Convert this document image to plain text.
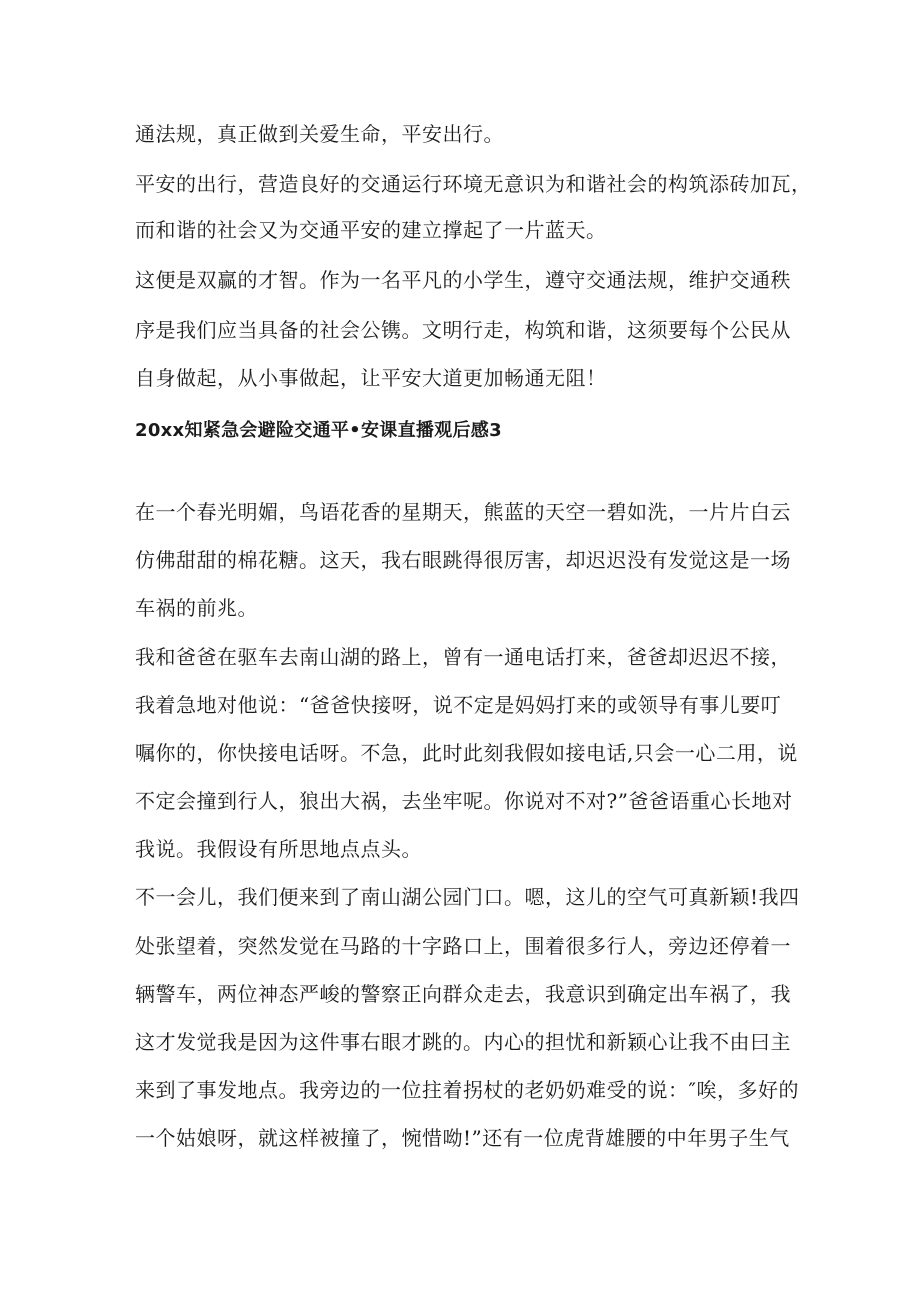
通法规，真正做到关爱生命，平安出行。
平安的出行，营造良好的交通运行环境无意识为和谐社会的构筑添砖加瓦，
而和谐的社会又为交通平安的建立撑起了一片蓝天。
这便是双赢的才智。作为一名平凡的小学生，遵守交通法规，维护交通秩
序是我们应当具备的社会公镌。文明行走，构筑和谐，这须要每个公民从
自身做起，从小事做起，让平安大道更加畅通无阻！
20xx知紧急会避险交通平•安课直播观后感3
在一个春光明媚，鸟语花香的星期天，熊蓝的天空一碧如洗，一片片白云
仿佛甜甜的棉花糖。这天，我右眼跳得很厉害，却迟迟没有发觉这是一场
车祸的前兆。
我和爸爸在驱车去南山湖的路上，曾有一通电话打来，爸爸却迟迟不接，
我着急地对他说：“爸爸快接呀，说不定是妈妈打来的或领导有事儿要叮
嘱你的，你快接电话呀。不急，此时此刻我假如接电话,只会一心二用，说
不定会撞到行人，狼出大祸，去坐牢呢。你说对不对?”爸爸语重心长地对
我说。我假设有所思地点点头。
不一会儿，我们便来到了南山湖公园门口。嗯，这儿的空气可真新颖!我四
处张望着，突然发觉在马路的十字路口上，围着很多行人，旁边还停着一
辆警车，两位神态严峻的警察正向群众走去，我意识到确定出车祸了，我
这才发觉我是因为这件事右眼才跳的。内心的担忧和新颖心让我不由曰主
来到了事发地点。我旁边的一位拄着拐杖的老奶奶难受的说：″唉，多好的
一个姑娘呀，就这样被撞了，惋惜呦!”还有一位虎背雄腰的中年男子生气
